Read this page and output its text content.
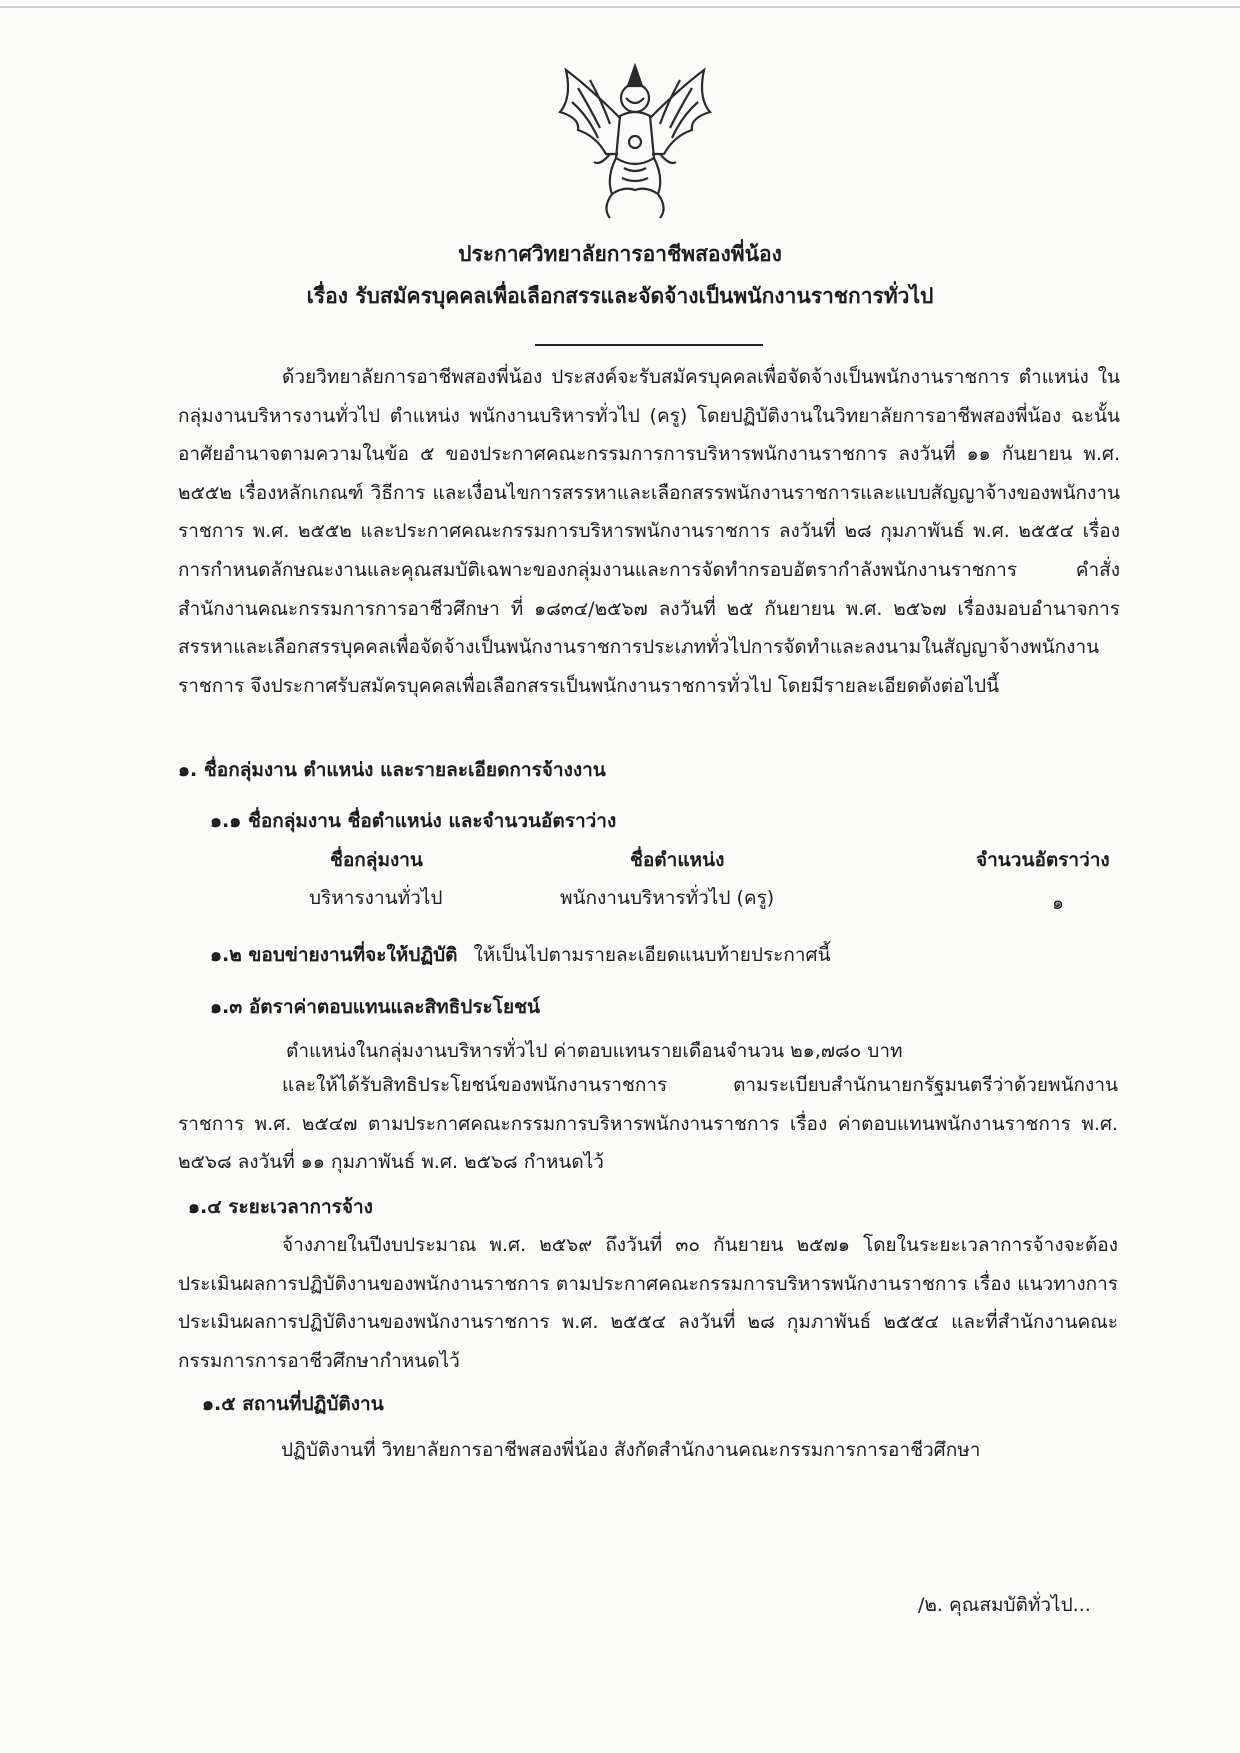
ประกาศวิทยาลัยการอาชีพสองพี่น้อง
เรื่อง รับสมัครบุคคลเพื่อเลือกสรรและจัดจ้างเป็นพนักงานราชการทั่วไป

ด้วยวิทยาลัยการอาชีพสองพี่น้อง ประสงค์จะรับสมัครบุคคลเพื่อจัดจ้างเป็นพนักงานราชการ ตำแหน่ง ในกลุ่มงานบริหารงานทั่วไป ตำแหน่ง พนักงานบริหารทั่วไป (ครู) โดยปฏิบัติงานในวิทยาลัยการอาชีพสองพี่น้อง ฉะนั้นอาศัยอำนาจตามความในข้อ ๕ ของประกาศคณะกรรมการการบริหารพนักงานราชการ ลงวันที่ ๑๑ กันยายน พ.ศ. ๒๕๕๒ เรื่องหลักเกณฑ์ วิธีการ และเงื่อนไขการสรรหาและเลือกสรรพนักงานราชการและแบบสัญญาจ้างของพนักงานราชการ พ.ศ. ๒๕๕๒ และประกาศคณะกรรมการบริหารพนักงานราชการ ลงวันที่ ๒๘ กุมภาพันธ์ พ.ศ. ๒๕๕๔ เรื่อง การกำหนดลักษณะงานและคุณสมบัติเฉพาะของกลุ่มงานและการจัดทำกรอบอัตรากำลังพนักงานราชการ คำสั่งสำนักงานคณะกรรมการการอาชีวศึกษา ที่ ๑๘๓๔/๒๕๖๗ ลงวันที่ ๒๕ กันยายน พ.ศ. ๒๕๖๗ เรื่องมอบอำนาจการสรรหาและเลือกสรรบุคคลเพื่อจัดจ้างเป็นพนักงานราชการประเภททั่วไปการจัดทำและลงนามในสัญญาจ้างพนักงานราชการ จึงประกาศรับสมัครบุคคลเพื่อเลือกสรรเป็นพนักงานราชการทั่วไป โดยมีรายละเอียดดังต่อไปนี้

๑. ชื่อกลุ่มงาน ตำแหน่ง และรายละเอียดการจ้างงาน
๑.๑ ชื่อกลุ่มงาน ชื่อตำแหน่ง และจำนวนอัตราว่าง
ชื่อกลุ่มงาน	ชื่อตำแหน่ง	จำนวนอัตราว่าง
บริหารงานทั่วไป	พนักงานบริหารทั่วไป (ครู)	๑
๑.๒ ขอบข่ายงานที่จะให้ปฏิบัติ ให้เป็นไปตามรายละเอียดแนบท้ายประกาศนี้
๑.๓ อัตราค่าตอบแทนและสิทธิประโยชน์
ตำแหน่งในกลุ่มงานบริหารทั่วไป ค่าตอบแทนรายเดือนจำนวน ๒๑,๗๘๐ บาท

และให้ได้รับสิทธิประโยชน์ของพนักงานราชการ ตามระเบียบสำนักนายกรัฐมนตรีว่าด้วยพนักงานราชการ พ.ศ. ๒๕๔๗ ตามประกาศคณะกรรมการบริหารพนักงานราชการ เรื่อง ค่าตอบแทนพนักงานราชการ พ.ศ. ๒๕๖๘ ลงวันที่ ๑๑ กุมภาพันธ์ พ.ศ. ๒๕๖๘ กำหนดไว้

๑.๔ ระยะเวลาการจ้าง

จ้างภายในปีงบประมาณ พ.ศ. ๒๕๖๙ ถึงวันที่ ๓๐ กันยายน ๒๕๗๑ โดยในระยะเวลาการจ้างจะต้องประเมินผลการปฏิบัติงานของพนักงานราชการ ตามประกาศคณะกรรมการบริหารพนักงานราชการ เรื่อง แนวทางการประเมินผลการปฏิบัติงานของพนักงานราชการ พ.ศ. ๒๕๕๔ ลงวันที่ ๒๘ กุมภาพันธ์ ๒๕๕๔ และที่สำนักงานคณะกรรมการการอาชีวศึกษากำหนดไว้

๑.๕ สถานที่ปฏิบัติงาน
ปฏิบัติงานที่ วิทยาลัยการอาชีพสองพี่น้อง สังกัดสำนักงานคณะกรรมการการอาชีวศึกษา
/๒. คุณสมบัติทั่วไป...
